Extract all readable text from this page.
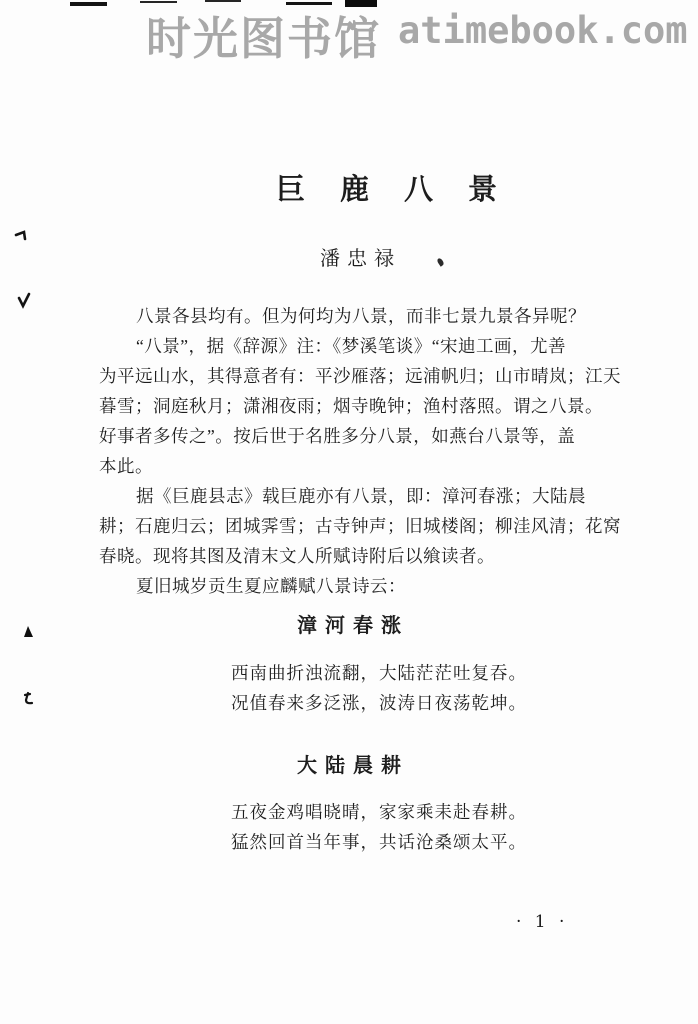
时光图书馆 atimebook.com
巨鹿八景
潘忠禄
八景各县均有。但为何均为八景，而非七景九景各异呢？
“八景”，据《辞源》注：《梦溪笔谈》“宋迪工画，尤善
为平远山水，其得意者有：平沙雁落；远浦帆归；山市晴岚；江天
暮雪；洞庭秋月；潇湘夜雨；烟寺晚钟；渔村落照。谓之八景。
好事者多传之”。按后世于名胜多分八景，如燕台八景等，盖
本此。
据《巨鹿县志》载巨鹿亦有八景，即：漳河春涨；大陆晨
耕；石鹿归云；团城霁雪；古寺钟声；旧城楼阁；柳洼风清；花窝
春晓。现将其图及清末文人所赋诗附后以飨读者。
夏旧城岁贡生夏应麟赋八景诗云：
漳河春涨
西南曲折浊流翻，大陆茫茫吐复吞。
况值春来多泛涨，波涛日夜荡乾坤。
大陆晨耕
五夜金鸡唱晓晴，家家乘耒赴春耕。
猛然回首当年事，共话沧桑颂太平。
· 1 ·
